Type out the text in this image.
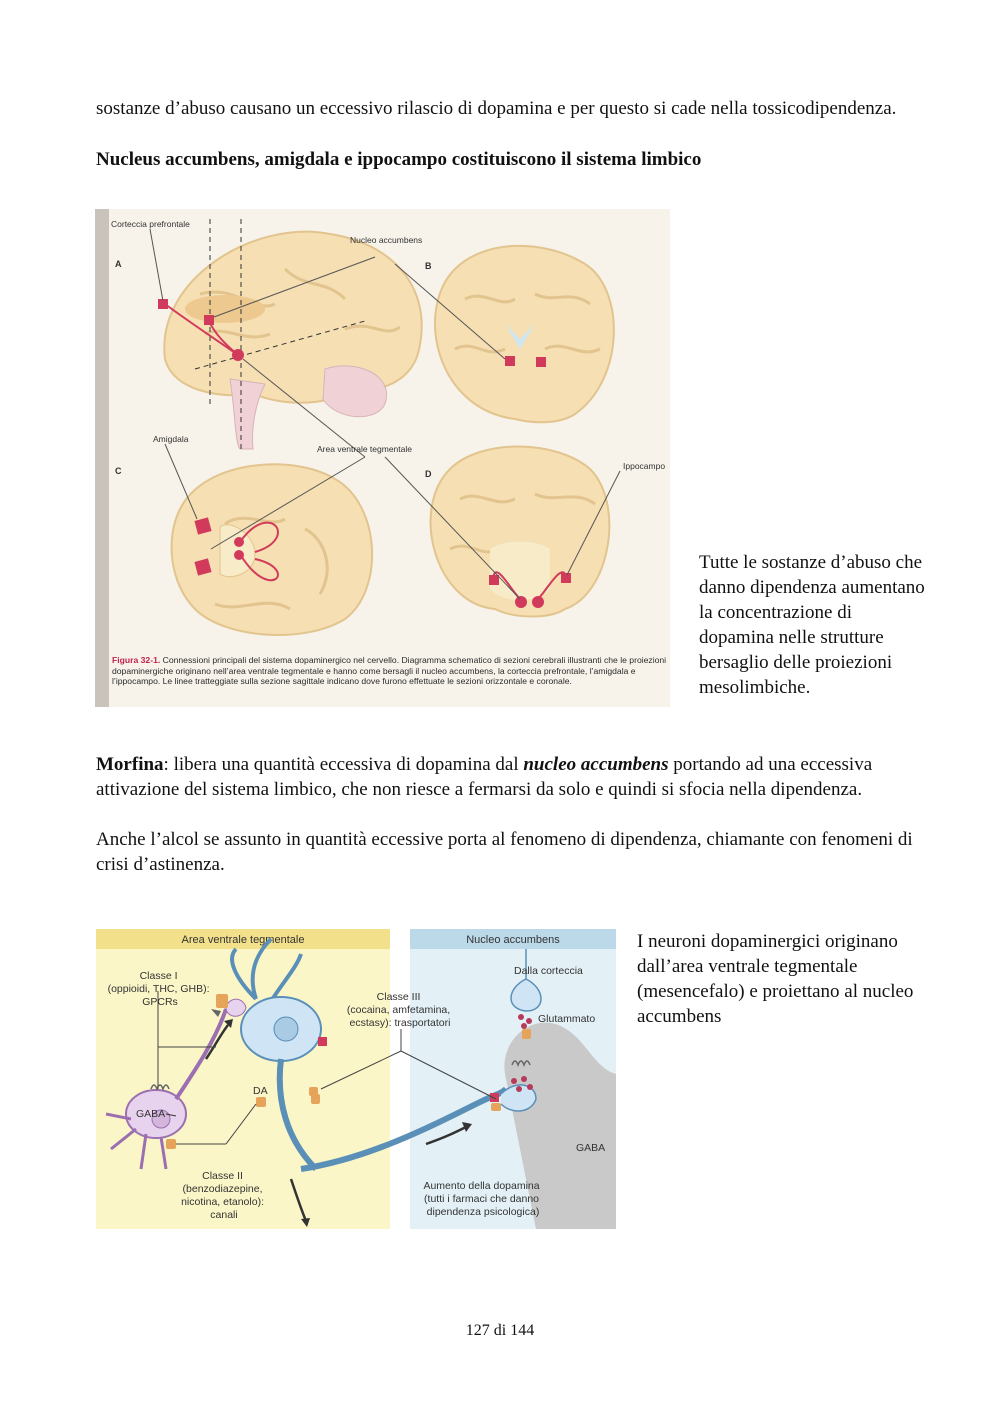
sostanze d’abuso causano un eccessivo rilascio di dopamina e per questo si cade nella tossicodipendenza.
Nucleus accumbens, amigdala e ippocampo costituiscono il sistema limbico
Corteccia prefrontale
Nucleo accumbens
Amigdala
Area ventrale tegmentale
Ippocampo
A	B
C	D
Figura 32-1. Connessioni principali del sistema dopaminergico nel cervello. Diagramma schematico di sezioni cerebrali illustranti che le proiezioni dopaminergiche originano nell’area ventrale tegmentale e hanno come bersagli il nucleo accumbens, la corteccia prefrontale, l’amigdala e l’ippocampo. Le linee tratteggiate sulla sezione sagittale indicano dove furono effettuate le sezioni orizzontale e coronale.
Tutte le sostanze d’abuso che danno dipendenza aumentano la concentrazione di dopamina nelle strutture bersaglio delle proiezioni mesolimbiche.
Morfina: libera una quantità eccessiva di dopamina dal nucleo accumbens portando ad una eccessiva attivazione del sistema limbico, che non riesce a fermarsi da solo e quindi si sfocia nella dipendenza.
Anche l’alcol se assunto in quantità eccessive porta al fenomeno di dipendenza, chiamante con fenomeni di crisi d’astinenza.
Area ventrale tegmentale	Nucleo accumbens
Classe I (oppioidi, THC, GHB): GPCRs	Classe III (cocaina, amfetamina, ecstasy): trasportatori
Classe II (benzodiazepine, nicotina, etanolo): canali
Dalla corteccia
Glutammato
GABA
GABA
DA
Aumento della dopamina (tutti i farmaci che danno dipendenza psicologica)
I neuroni dopaminergici originano dall’area ventrale tegmentale (mesencefalo) e proiettano al nucleo accumbens
127 di 144
